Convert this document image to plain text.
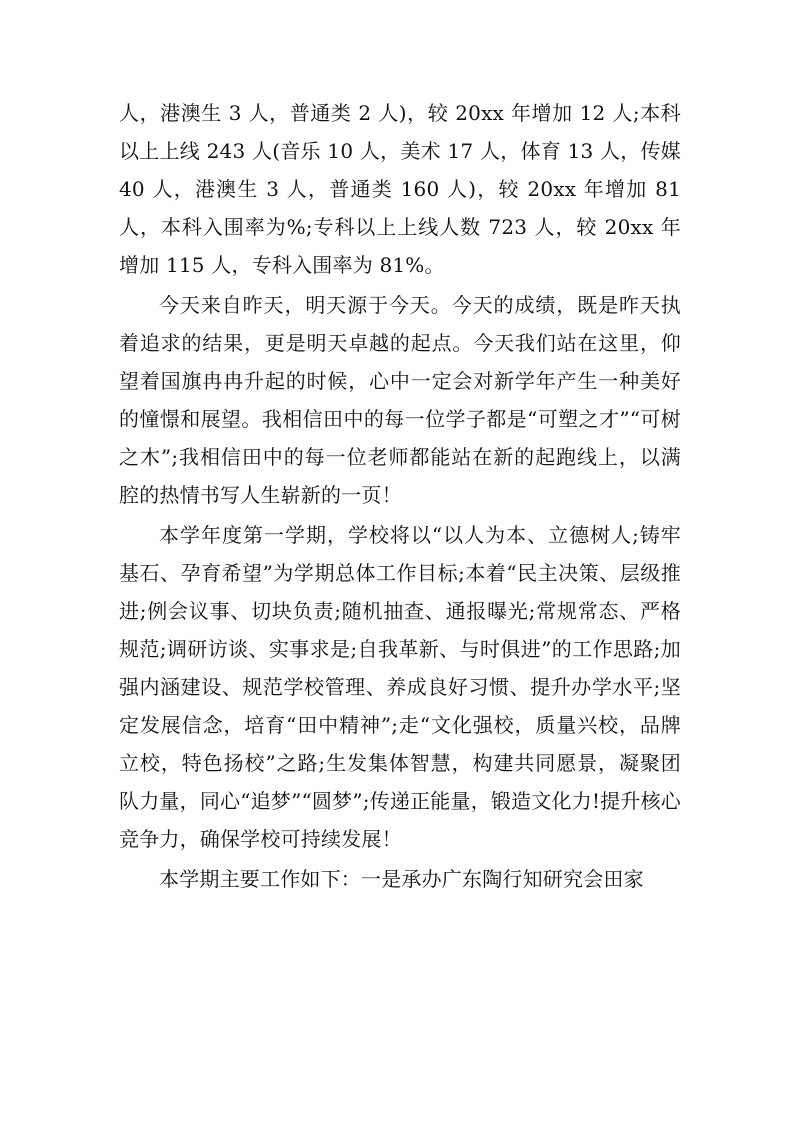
人，港澳生 3 人，普通类 2 人)，较 20xx 年增加 12 人;本科以上上线 243 人(音乐 10 人，美术 17 人，体育 13 人，传媒 40 人，港澳生 3 人，普通类 160 人)，较 20xx 年增加 81 人，本科入围率为%;专科以上上线人数 723 人，较 20xx 年增加 115 人，专科入围率为 81%。

今天来自昨天，明天源于今天。今天的成绩，既是昨天执着追求的结果，更是明天卓越的起点。今天我们站在这里，仰望着国旗冉冉升起的时候，心中一定会对新学年产生一种美好的憧憬和展望。我相信田中的每一位学子都是“可塑之才”“可树之木”;我相信田中的每一位老师都能站在新的起跑线上，以满腔的热情书写人生崭新的一页！

本学年度第一学期，学校将以“以人为本、立德树人;铸牢基石、孕育希望”为学期总体工作目标;本着“民主决策、层级推进;例会议事、切块负责;随机抽查、通报曝光;常规常态、严格规范;调研访谈、实事求是;自我革新、与时俱进”的工作思路;加强内涵建设、规范学校管理、养成良好习惯、提升办学水平;坚定发展信念，培育“田中精神”;走“文化强校，质量兴校，品牌立校，特色扬校”之路;生发集体智慧，构建共同愿景，凝聚团队力量，同心“追梦”“圆梦”;传递正能量，锻造文化力!提升核心竞争力，确保学校可持续发展！

本学期主要工作如下：一是承办广东陶行知研究会田家
